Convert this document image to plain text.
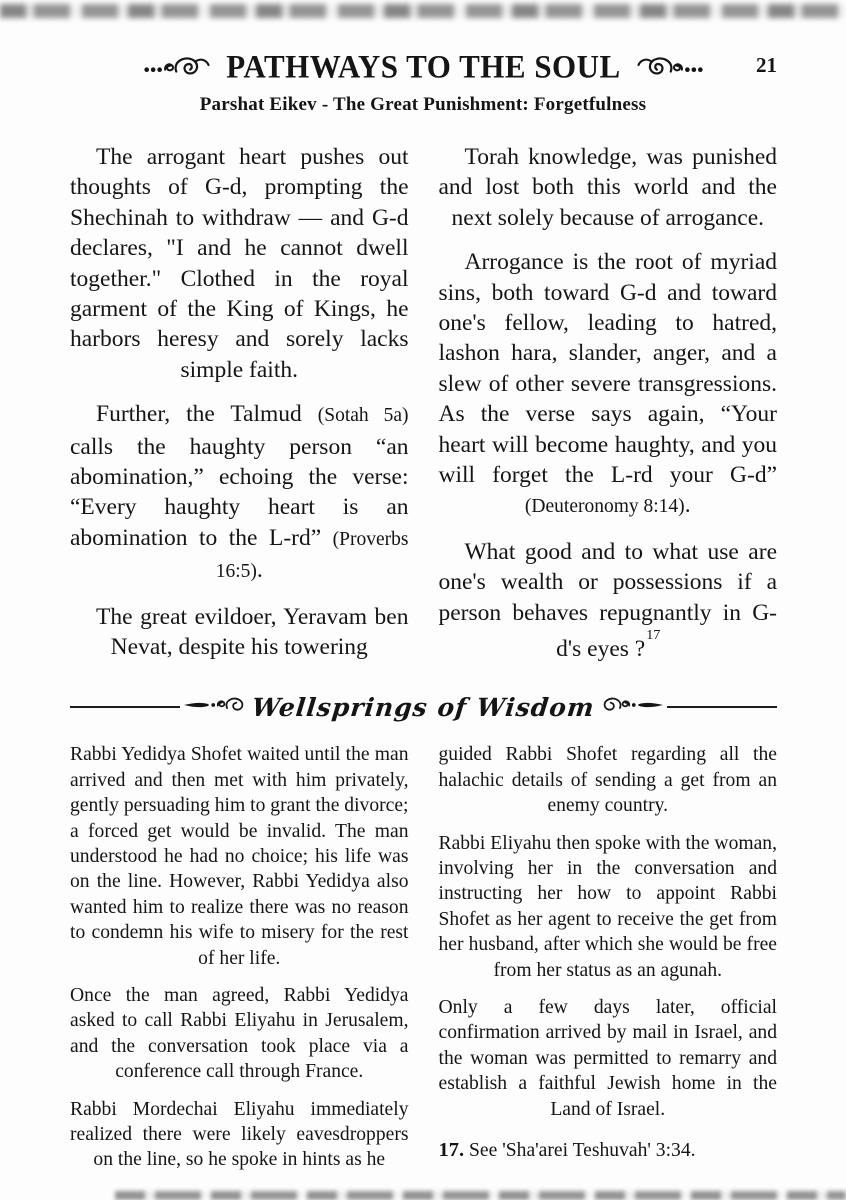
PATHWAYS TO THE SOUL	21
Parshat Eikev - The Great Punishment: Forgetfulness

The arrogant heart pushes out thoughts of G-d, prompting the Shechinah to withdraw — and G-d declares, "I and he cannot dwell together." Clothed in the royal garment of the King of Kings, he harbors heresy and sorely lacks simple faith.

Further, the Talmud (Sotah 5a) calls the haughty person “an abomination,” echoing the verse: “Every haughty heart is an abomination to the L-rd” (Proverbs 16:5).

The great evildoer, Yeravam ben Nevat, despite his towering

Torah knowledge, was punished and lost both this world and the next solely because of arrogance.

Arrogance is the root of myriad sins, both toward G-d and toward one's fellow, leading to hatred, lashon hara, slander, anger, and a slew of other severe transgressions. As the verse says again, “Your heart will become haughty, and you will forget the L-rd your G-d” (Deuteronomy 8:14).

What good and to what use are one's wealth or possessions if a person behaves repugnantly in G-d's eyes ?$^{17}$

Wellsprings of Wisdom

Rabbi Yedidya Shofet waited until the man arrived and then met with him privately, gently persuading him to grant the divorce; a forced get would be invalid. The man understood he had no choice; his life was on the line. However, Rabbi Yedidya also wanted him to realize there was no reason to condemn his wife to misery for the rest of her life.

Once the man agreed, Rabbi Yedidya asked to call Rabbi Eliyahu in Jerusalem, and the conversation took place via a conference call through France.

Rabbi Mordechai Eliyahu immediately realized there were likely eavesdroppers on the line, so he spoke in hints as he

guided Rabbi Shofet regarding all the halachic details of sending a get from an enemy country.

Rabbi Eliyahu then spoke with the woman, involving her in the conversation and instructing her how to appoint Rabbi Shofet as her agent to receive the get from her husband, after which she would be free from her status as an agunah.

Only a few days later, official confirmation arrived by mail in Israel, and the woman was permitted to remarry and establish a faithful Jewish home in the Land of Israel.

17. See 'Sha'arei Teshuvah' 3:34.
